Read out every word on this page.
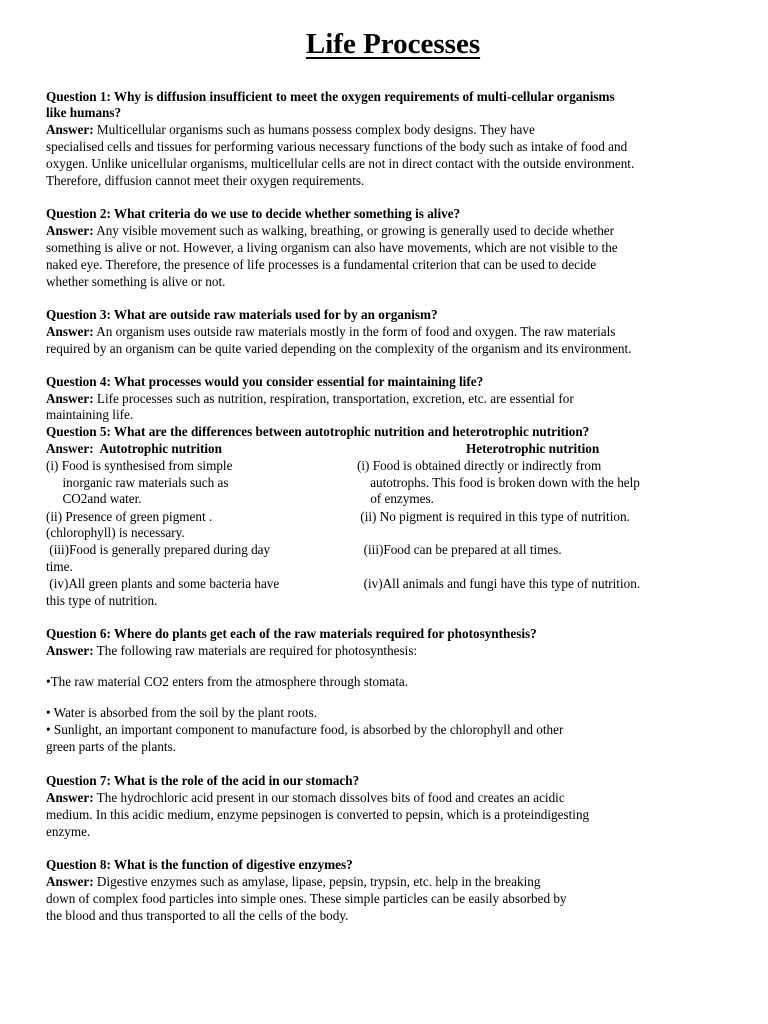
Life Processes
Question 1: Why is diffusion insufficient to meet the oxygen requirements of multi-cellular organisms
like humans?
Answer: Multicellular organisms such as humans possess complex body designs. They have
specialised cells and tissues for performing various necessary functions of the body such as intake of food and
oxygen. Unlike unicellular organisms, multicellular cells are not in direct contact with the outside environment.
Therefore, diffusion cannot meet their oxygen requirements.
Question 2: What criteria do we use to decide whether something is alive?
Answer: Any visible movement such as walking, breathing, or growing is generally used to decide whether
something is alive or not. However, a living organism can also have movements, which are not visible to the
naked eye. Therefore, the presence of life processes is a fundamental criterion that can be used to decide
whether something is alive or not.
Question 3: What are outside raw materials used for by an organism?
Answer: An organism uses outside raw materials mostly in the form of food and oxygen. The raw materials
required by an organism can be quite varied depending on the complexity of the organism and its environment.
Question 4: What processes would you consider essential for maintaining life?
Answer: Life processes such as nutrition, respiration, transportation, excretion, etc. are essential for
maintaining life.
Question 5: What are the differences between autotrophic nutrition and heterotrophic nutrition?
Answer:  Autotrophic nutrition	Heterotrophic nutrition
(i) Food is synthesised from simple
inorganic raw materials such as
CO2and water.
(ii) Presence of green pigment .
(chlorophyll) is necessary.
(iii)Food is generally prepared during day
time.
(iv)All green plants and some bacteria have
this type of nutrition.
(i) Food is obtained directly or indirectly from
autotrophs. This food is broken down with the help
of enzymes.
(ii) No pigment is required in this type of nutrition.
(iii)Food can be prepared at all times.
(iv)All animals and fungi have this type of nutrition.
Question 6: Where do plants get each of the raw materials required for photosynthesis?
Answer: The following raw materials are required for photosynthesis:
•The raw material CO2 enters from the atmosphere through stomata.
• Water is absorbed from the soil by the plant roots.
• Sunlight, an important component to manufacture food, is absorbed by the chlorophyll and other
green parts of the plants.
Question 7: What is the role of the acid in our stomach?
Answer: The hydrochloric acid present in our stomach dissolves bits of food and creates an acidic
medium. In this acidic medium, enzyme pepsinogen is converted to pepsin, which is a proteindigesting
enzyme.
Question 8: What is the function of digestive enzymes?
Answer: Digestive enzymes such as amylase, lipase, pepsin, trypsin, etc. help in the breaking
down of complex food particles into simple ones. These simple particles can be easily absorbed by
the blood and thus transported to all the cells of the body.
